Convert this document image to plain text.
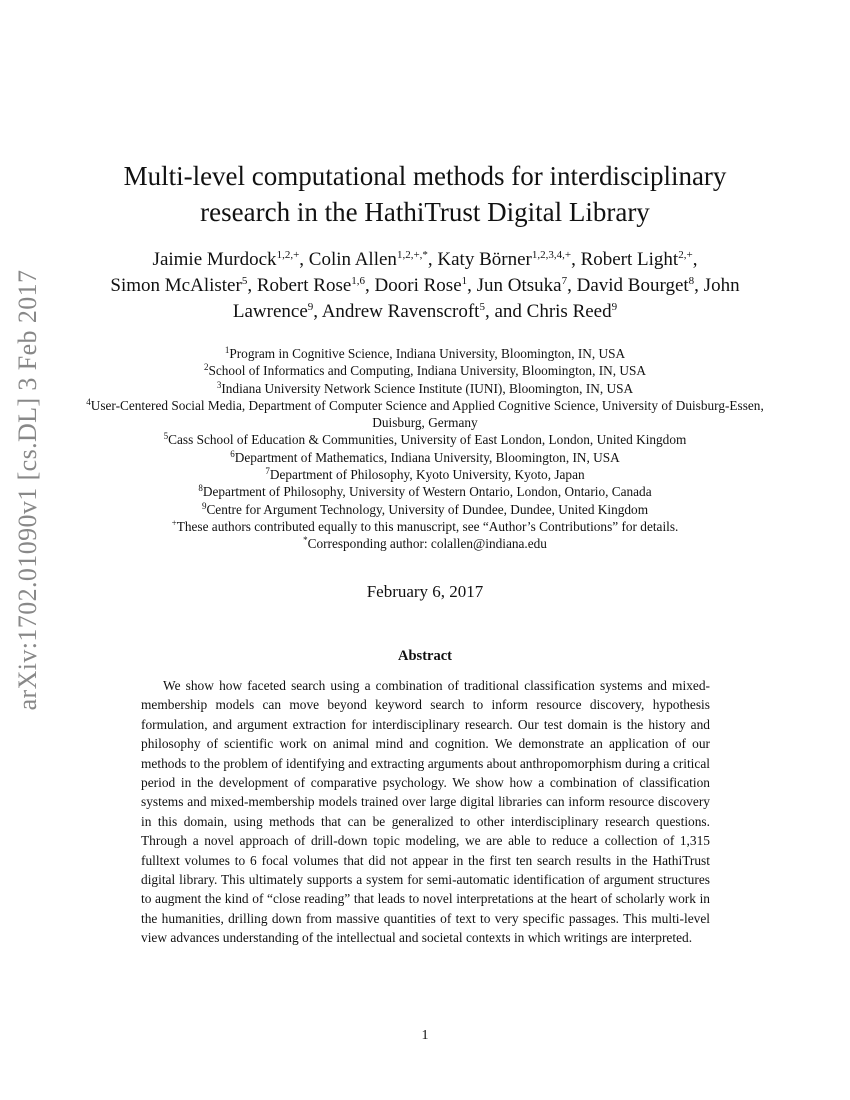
arXiv:1702.01090v1 [cs.DL] 3 Feb 2017
Multi-level computational methods for interdisciplinary
research in the HathiTrust Digital Library
Jaimie Murdock$^{1,2,+}$, Colin Allen$^{1,2,+,*}$, Katy Börner$^{1,2,3,4,+}$, Robert Light$^{2,+}$,
Simon McAlister$^5$, Robert Rose$^{1,6}$, Doori Rose$^1$, Jun Otsuka$^7$, David Bourget$^8$, John Lawrence$^9$, Andrew Ravenscroft$^5$, and Chris Reed$^9$
$^1$Program in Cognitive Science, Indiana University, Bloomington, IN, USA
$^2$School of Informatics and Computing, Indiana University, Bloomington, IN, USA
$^3$Indiana University Network Science Institute (IUNI), Bloomington, IN, USA
$^4$User-Centered Social Media, Department of Computer Science and Applied Cognitive Science, University of Duisburg-Essen, Duisburg, Germany
$^5$Cass School of Education & Communities, University of East London, London, United Kingdom
$^6$Department of Mathematics, Indiana University, Bloomington, IN, USA
$^7$Department of Philosophy, Kyoto University, Kyoto, Japan
$^8$Department of Philosophy, University of Western Ontario, London, Ontario, Canada
$^9$Centre for Argument Technology, University of Dundee, Dundee, United Kingdom
+These authors contributed equally to this manuscript, see “Author’s Contributions” for details.
*Corresponding author: colallen@indiana.edu
February 6, 2017
Abstract

We show how faceted search using a combination of traditional classification systems and mixed-membership models can move beyond keyword search to inform resource discovery, hypothesis formulation, and argument extraction for interdisciplinary research. Our test domain is the history and philosophy of scientific work on animal mind and cognition. We demonstrate an application of our methods to the problem of identifying and extracting arguments about anthropomorphism during a critical period in the development of comparative psychology. We show how a combination of classification systems and mixed-membership models trained over large digital libraries can inform resource discovery in this domain, using methods that can be generalized to other interdisciplinary research questions. Through a novel approach of drill-down topic modeling, we are able to reduce a collection of 1,315 fulltext volumes to 6 focal volumes that did not appear in the first ten search results in the HathiTrust digital library. This ultimately supports a system for semi-automatic identification of argument structures to augment the kind of “close reading” that leads to novel interpretations at the heart of scholarly work in the humanities, drilling down from massive quantities of text to very specific passages. This multi-level view advances understanding of the intellectual and societal contexts in which writings are interpreted.

1
